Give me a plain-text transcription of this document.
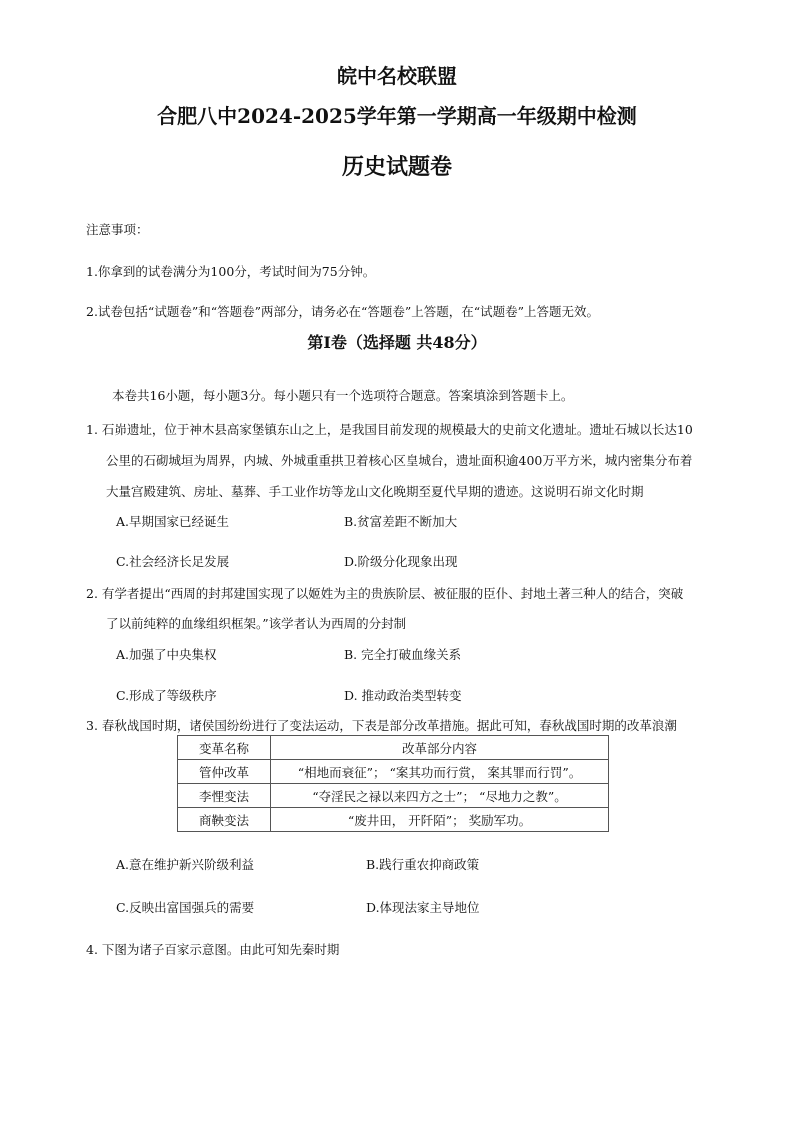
皖中名校联盟
合肥八中2024-2025学年第一学期高一年级期中检测
历史试题卷
注意事项：
1.你拿到的试卷满分为100分，考试时间为75分钟。
2.试卷包括“试题卷”和“答题卷”两部分，请务必在“答题卷”上答题，在“试题卷”上答题无效。
第Ⅰ卷（选择题 共48分）
本卷共16小题，每小题3分。每小题只有一个选项符合题意。答案填涂到答题卡上。
1. 石峁遗址，位于神木县高家堡镇东山之上，是我国目前发现的规模最大的史前文化遗址。遗址石城以长达10
公里的石砌城垣为周界，内城、外城重重拱卫着核心区皇城台，遗址面积逾400万平方米，城内密集分布着
大量宫殿建筑、房址、墓葬、手工业作坊等龙山文化晚期至夏代早期的遗迹。这说明石峁文化时期
A.早期国家已经诞生	B.贫富差距不断加大
C.社会经济长足发展	D.阶级分化现象出现
2. 有学者提出“西周的封邦建国实现了以姬姓为主的贵族阶层、被征服的臣仆、封地土著三种人的结合，突破
了以前纯粹的血缘组织框架。”该学者认为西周的分封制
A.加强了中央集权	B. 完全打破血缘关系
C.形成了等级秩序	D. 推动政治类型转变
3. 春秋战国时期，诸侯国纷纷进行了变法运动，下表是部分改革措施。据此可知，春秋战国时期的改革浪潮
变革名称	改革部分内容
管仲改革	“相地而衰征”； “案其功而行赏， 案其罪而行罚”。
李悝变法	“夺淫民之禄以来四方之士”； “尽地力之教”。
商鞅变法	“废井田， 开阡陌”； 奖励军功。
A.意在维护新兴阶级利益	B.践行重农抑商政策
C.反映出富国强兵的需要	D.体现法家主导地位
4. 下图为诸子百家示意图。由此可知先秦时期
